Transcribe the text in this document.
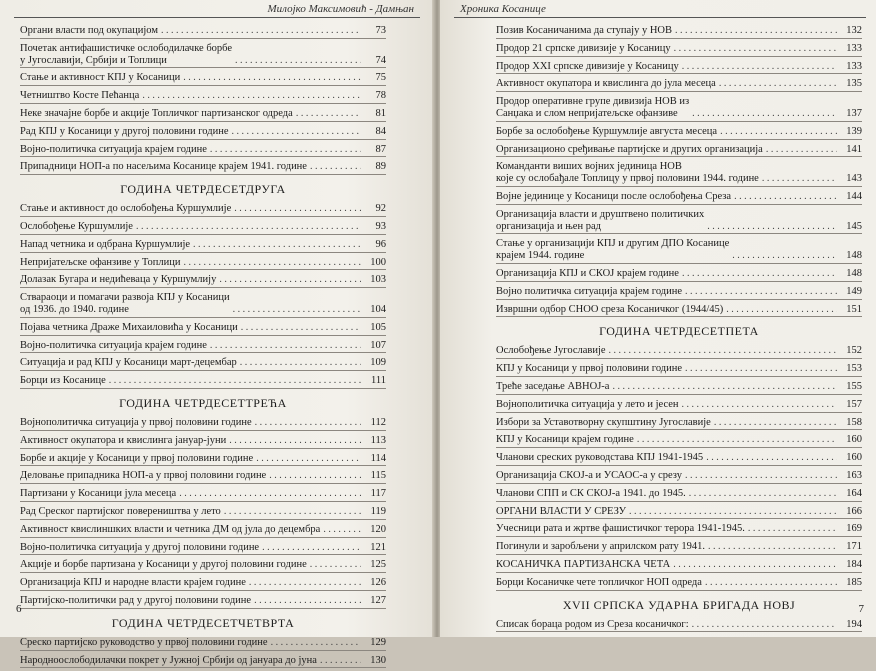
Милојко Максимовић - Дамњан
Органи власти под окупацијом . . .	73
Почетак антифашистичке ослободилачке борбе
у Југославији, Србији и Топлици . . .	74
Стање и активност КПЈ у Косаници . . .	75
Четништво Косте Пећанца . . .	78
Неке значајне борбе и акције Топличког партизанског одреда . . .	81
Рад КПЈ у Косаници у другој половини године . . .	84
Војно-политичка ситуација крајем године . . .	87
Припадници НОП-а по насељима Косанице крајем 1941. године . . .	89
ГОДИНА ЧЕТРДЕСЕТДРУГА
Стање и активност до ослобођења Куршумлије . . .	92
Ослобођење Куршумлије . . .	93
Напад четника и одбрана Куршумлије . . .	96
Непријатељске офанзиве у Топлици . . .	100
Долазак Бугара и недићеваца у Куршумлију . . .	103
Ствараоци и помагачи развоја КПЈ у Косаници
од 1936. до 1940. године . . .	104
Појава четника Драже Михаиловића у Косаници . . .	105
Војно-политичка ситуација крајем године . . .	107
Ситуација и рад КПЈ у Косаници март-децембар . . .	109
Борци из Косанице . . .	111
ГОДИНА ЧЕТРДЕСЕТТРЕЋА
Војнополитичка ситуација у првој половини године . . .	112
Активност окупатора и квислинга јануар-јуни . . .	113
Борбе и акције у Косаници у првој половини године . . .	114
Деловање припадника НОП-а у првој половини године . . .	115
Партизани у Косаници јула месеца . . .	117
Рад Среског партијског повереништва у лето . . .	119
Активност квислиншких власти и четника ДМ од јула до децембра . . .	120
Војно-политичка ситуација у другој половини године . . .	121
Акције и борбе партизана у Косаници у другој половини године . . .	125
Организација КПЈ и народне власти крајем године . . .	126
Партијско-политички рад у другој половини године . . .	127
ГОДИНА ЧЕТРДЕСЕТЧЕТВРТА
Среско партијско руководство у првој половини године . . .	129
Народноослободилачки покрет у Јужној Србији од јануара до јуна . . .	130
6
Хроника Косанице
Позив Косаничанима да ступају у НОВ . . .	132
Продор 21 српске дивизије у Косаницу . . .	133
Продор XXI српске дивизије у Косаницу . . .	133
Активност окупатора и квислинга до јула месеца . . .	135
Продор оперативне групе дивизија НОВ из
Санџака и слом непријатељске офанзиве . . .	137
Борбе за ослобођење Куршумлије августа месеца . . .	139
Организационо сређивање партијске и других организација . . .	141
Команданти виших војних јединица НОВ
које су ослобађале Топлицу у првој половини 1944. године . . .	143
Војне јединице у Косаници после ослобођења Среза . . .	144
Организација власти и друштвено политичких
организација и њен рад . . .	145
Стање у организацији КПЈ и другим ДПО Косанице
крајем 1944. године . . .	148
Организација КПЈ и СКОЈ крајем године . . .	148
Војно политичка ситуација крајем године . . .	149
Извршни одбор СНОО среза Косаничког (1944/45) . . .	151
ГОДИНА ЧЕТРДЕСЕТПЕТА
Ослобођење Југославије . . .	152
КПЈ у Косаници у првој половини године . . .	153
Треће заседање АВНОЈ-а . . .	155
Војнополитичка ситуација у лето и јесен . . .	157
Избори за Уставотворну скупштину Југославије . . .	158
КПЈ у Косаници крајем године . . .	160
Чланови среских руководстава КПЈ 1941-1945 . . .	160
Организација СКОЈ-а и УСАОС-а у срезу . . .	163
Чланови СПП и СК СКОЈ-а 1941. до 1945. . . .	164
ОРГАНИ ВЛАСТИ У СРЕЗУ . . .	166
Учесници рата и жртве фашистичког терора 1941-1945. . . .	169
Погинули и заробљени у априлском рату 1941. . . .	171
КОСАНИЧКА ПАРТИЗАНСКА ЧЕТА . . .	184
Борци Косаничке чете топличког НОП одреда . . .	185
XVII СРПСКА УДАРНА БРИГАДА НОВЈ
Списак бораца родом из Среза косаничког: . . .	194
7
